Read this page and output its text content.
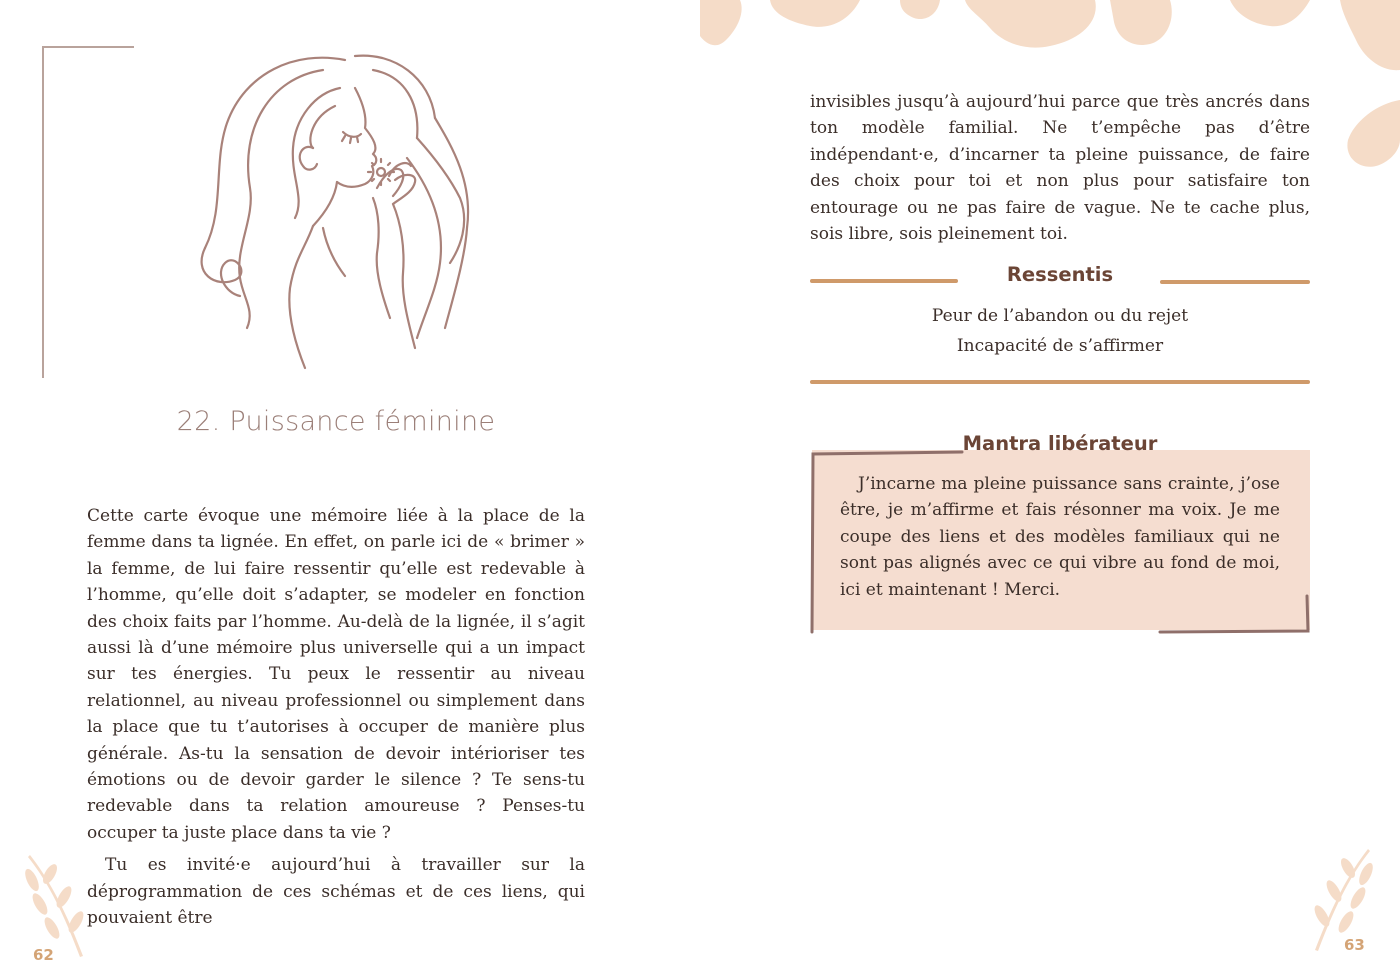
22. Puissance féminine

Cette carte évoque une mémoire liée à la place de la femme dans ta lignée. En effet, on parle ici de « brimer » la femme, de lui faire ressentir qu’elle est redevable à l’homme, qu’elle doit s’adapter, se modeler en fonction des choix faits par l’homme. Au-delà de la lignée, il s’agit aussi là d’une mémoire plus universelle qui a un impact sur tes énergies. Tu peux le ressentir au niveau relationnel, au niveau professionnel ou simplement dans la place que tu t’autorises à occuper de manière plus générale. As-tu la sensation de devoir intérioriser tes émotions ou de devoir garder le silence ? Te sens-tu redevable dans ta relation amoureuse ? Penses-tu occuper ta juste place dans ta vie ?

Tu es invité·e aujourd’hui à travailler sur la déprogrammation de ces schémas et de ces liens, qui pouvaient être

62

invisibles jusqu’à aujourd’hui parce que très ancrés dans ton modèle familial. Ne t’empêche pas d’être indépendant·e, d’incarner ta pleine puissance, de faire des choix pour toi et non plus pour satisfaire ton entourage ou ne pas faire de vague. Ne te cache plus, sois libre, sois pleinement toi.

Ressentis
Peur de l’abandon ou du rejet
Incapacité de s’affirmer
Mantra libérateur

J’incarne ma pleine puissance sans crainte, j’ose être, je m’affirme et fais résonner ma voix. Je me coupe des liens et des modèles familiaux qui ne sont pas alignés avec ce qui vibre au fond de moi, ici et maintenant ! Merci.

63
